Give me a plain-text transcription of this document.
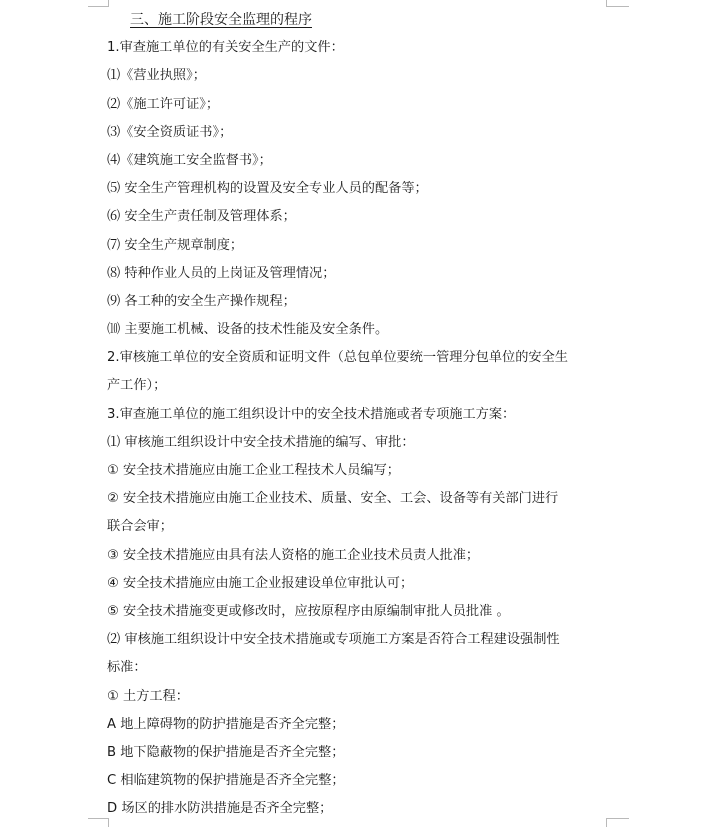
三、施工阶段安全监理的程序
1.审查施工单位的有关安全生产的文件：
⑴《营业执照》；
⑵《施工许可证》；
⑶《安全资质证书》；
⑷《建筑施工安全监督书》；
⑸ 安全生产管理机构的设置及安全专业人员的配备等；
⑹ 安全生产责任制及管理体系；
⑺ 安全生产规章制度；
⑻ 特种作业人员的上岗证及管理情况；
⑼ 各工种的安全生产操作规程；
⑽ 主要施工机械、设备的技术性能及安全条件。
2.审核施工单位的安全资质和证明文件（总包单位要统一管理分包单位的安全生
产工作）；
3.审查施工单位的施工组织设计中的安全技术措施或者专项施工方案：
⑴ 审核施工组织设计中安全技术措施的编写、审批：
① 安全技术措施应由施工企业工程技术人员编写；
② 安全技术措施应由施工企业技术、质量、安全、工会、设备等有关部门进行
联合会审；
③ 安全技术措施应由具有法人资格的施工企业技术员责人批准；
④ 安全技术措施应由施工企业报建设单位审批认可；
⑤ 安全技术措施变更或修改时，应按原程序由原编制审批人员批准 。
⑵ 审核施工组织设计中安全技术措施或专项施工方案是否符合工程建设强制性
标准：
① 土方工程：
A 地上障碍物的防护措施是否齐全完整；
B 地下隐蔽物的保护措施是否齐全完整；
C 相临建筑物的保护措施是否齐全完整；
D 场区的排水防洪措施是否齐全完整；
